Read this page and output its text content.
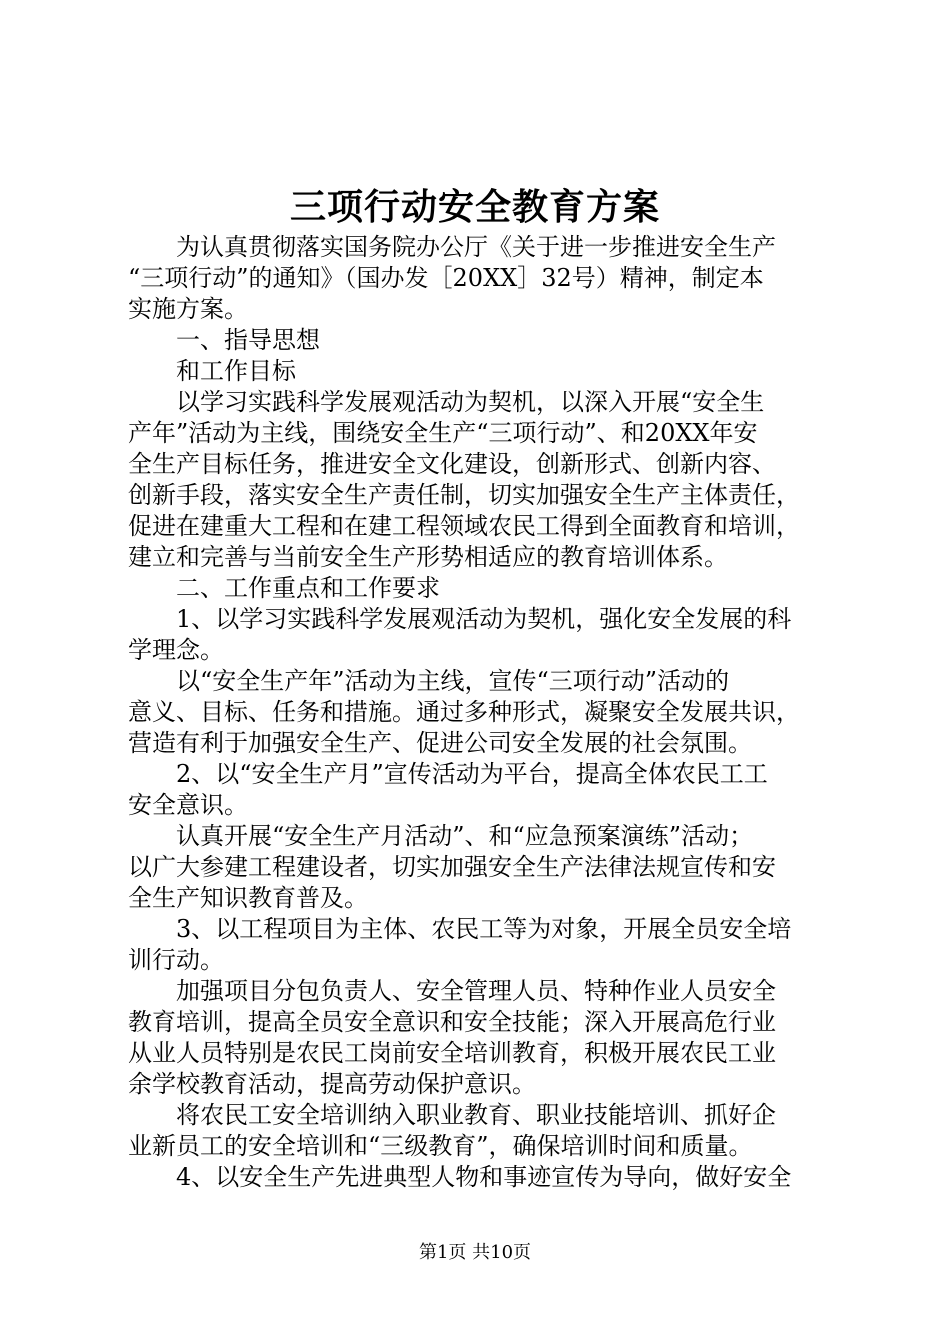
三项行动安全教育方案
　　为认真贯彻落实国务院办公厅《关于进一步推进安全生产
“三项行动”的通知》（国办发［20XX］32号）精神，制定本
实施方案。
　　一、指导思想
　　和工作目标
　　以学习实践科学发展观活动为契机，以深入开展“安全生
产年”活动为主线，围绕安全生产“三项行动”、和20XX年安
全生产目标任务，推进安全文化建设，创新形式、创新内容、
创新手段，落实安全生产责任制，切实加强安全生产主体责任，
促进在建重大工程和在建工程领域农民工得到全面教育和培训，
建立和完善与当前安全生产形势相适应的教育培训体系。
　　二、工作重点和工作要求
　　1、以学习实践科学发展观活动为契机，强化安全发展的科
学理念。
　　以“安全生产年”活动为主线，宣传“三项行动”活动的
意义、目标、任务和措施。通过多种形式，凝聚安全发展共识，
营造有利于加强安全生产、促进公司安全发展的社会氛围。
　　2、以“安全生产月”宣传活动为平台，提高全体农民工工
安全意识。
　　认真开展“安全生产月活动”、和“应急预案演练”活动；
以广大参建工程建设者，切实加强安全生产法律法规宣传和安
全生产知识教育普及。
　　3、以工程项目为主体、农民工等为对象，开展全员安全培
训行动。
　　加强项目分包负责人、安全管理人员、特种作业人员安全
教育培训，提高全员安全意识和安全技能；深入开展高危行业
从业人员特别是农民工岗前安全培训教育，积极开展农民工业
余学校教育活动，提高劳动保护意识。
　　将农民工安全培训纳入职业教育、职业技能培训、抓好企
业新员工的安全培训和“三级教育”，确保培训时间和质量。
　　4、以安全生产先进典型人物和事迹宣传为导向，做好安全
第1页 共10页
